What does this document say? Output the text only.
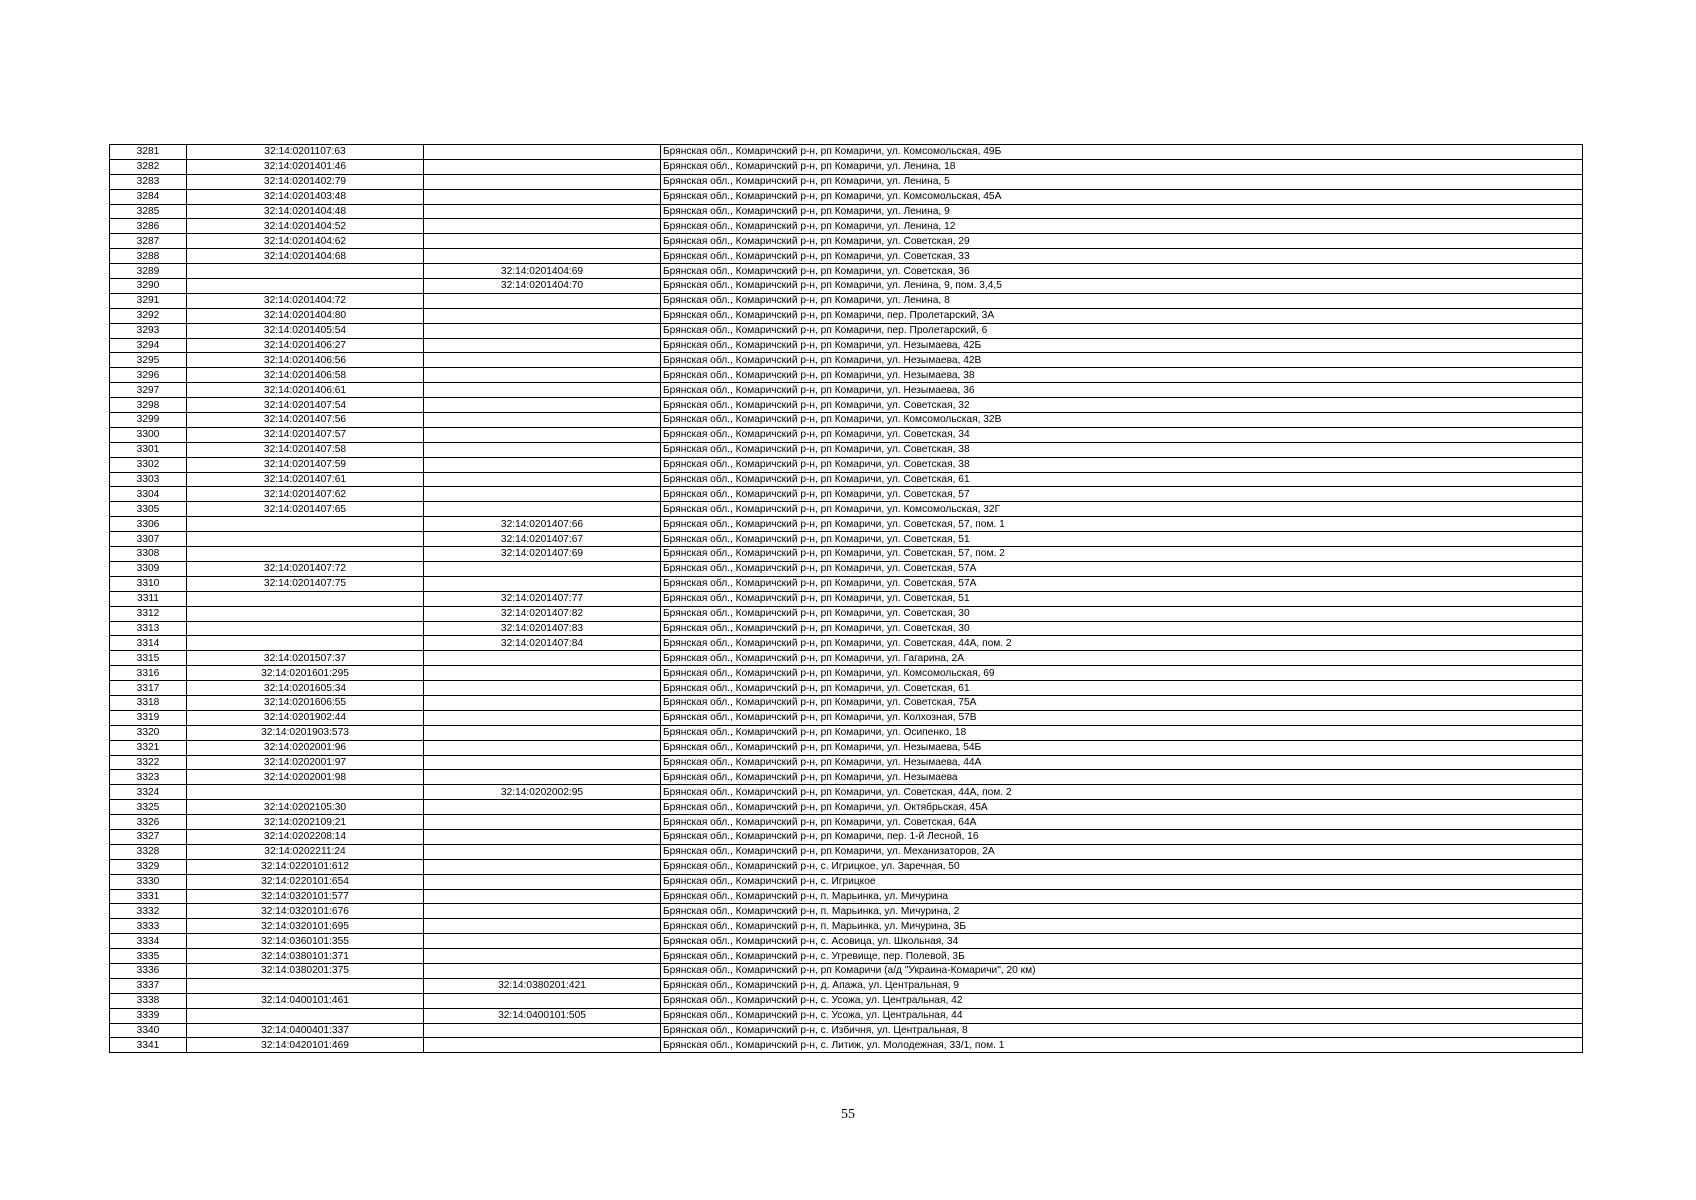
3281	32:14:0201107:63		Брянская обл., Комаричский р-н, рп Комаричи, ул. Комсомольская, 49Б
3282	32:14:0201401:46		Брянская обл., Комаричский р-н, рп Комаричи, ул. Ленина, 18
3283	32:14:0201402:79		Брянская обл., Комаричский р-н, рп Комаричи, ул. Ленина, 5
3284	32:14:0201403:48		Брянская обл., Комаричский р-н, рп Комаричи, ул. Комсомольская, 45А
3285	32:14:0201404:48		Брянская обл., Комаричский р-н, рп Комаричи, ул. Ленина, 9
3286	32:14:0201404:52		Брянская обл., Комаричский р-н, рп Комаричи, ул. Ленина, 12
3287	32:14:0201404:62		Брянская обл., Комаричский р-н, рп Комаричи, ул. Советская, 29
3288	32:14:0201404:68		Брянская обл., Комаричский р-н, рп Комаричи, ул. Советская, 33
3289		32:14:0201404:69	Брянская обл., Комаричский р-н, рп Комаричи, ул. Советская, 36
3290		32:14:0201404:70	Брянская обл., Комаричский р-н, рп Комаричи, ул. Ленина, 9, пом. 3,4,5
3291	32:14:0201404:72		Брянская обл., Комаричский р-н, рп Комаричи, ул. Ленина, 8
3292	32:14:0201404:80		Брянская обл., Комаричский р-н, рп Комаричи, пер. Пролетарский, 3А
3293	32:14:0201405:54		Брянская обл., Комаричский р-н, рп Комаричи, пер. Пролетарский, 6
3294	32:14:0201406:27		Брянская обл., Комаричский р-н, рп Комаричи, ул. Незымаева, 42Б
3295	32:14:0201406:56		Брянская обл., Комаричский р-н, рп Комаричи, ул. Незымаева, 42В
3296	32:14:0201406:58		Брянская обл., Комаричский р-н, рп Комаричи, ул. Незымаева, 38
3297	32:14:0201406:61		Брянская обл., Комаричский р-н, рп Комаричи, ул. Незымаева, 36
3298	32:14:0201407:54		Брянская обл., Комаричский р-н, рп Комаричи, ул. Советская, 32
3299	32:14:0201407:56		Брянская обл., Комаричский р-н, рп Комаричи, ул. Комсомольская, 32В
3300	32:14:0201407:57		Брянская обл., Комаричский р-н, рп Комаричи, ул. Советская, 34
3301	32:14:0201407:58		Брянская обл., Комаричский р-н, рп Комаричи, ул. Советская, 38
3302	32:14:0201407:59		Брянская обл., Комаричский р-н, рп Комаричи, ул. Советская, 38
3303	32:14:0201407:61		Брянская обл., Комаричский р-н, рп Комаричи, ул. Советская, 61
3304	32:14:0201407:62		Брянская обл., Комаричский р-н, рп Комаричи, ул. Советская, 57
3305	32:14:0201407:65		Брянская обл., Комаричский р-н, рп Комаричи, ул. Комсомольская, 32Г
3306		32:14:0201407:66	Брянская обл., Комаричский р-н, рп Комаричи, ул. Советская, 57, пом. 1
3307		32:14:0201407:67	Брянская обл., Комаричский р-н, рп Комаричи, ул. Советская, 51
3308		32:14:0201407:69	Брянская обл., Комаричский р-н, рп Комаричи, ул. Советская, 57, пом. 2
3309	32:14:0201407:72		Брянская обл., Комаричский р-н, рп Комаричи, ул. Советская, 57А
3310	32:14:0201407:75		Брянская обл., Комаричский р-н, рп Комаричи, ул. Советская, 57А
3311		32:14:0201407:77	Брянская обл., Комаричский р-н, рп Комаричи, ул. Советская, 51
3312		32:14:0201407:82	Брянская обл., Комаричский р-н, рп Комаричи, ул. Советская, 30
3313		32:14:0201407:83	Брянская обл., Комаричский р-н, рп Комаричи, ул. Советская, 30
3314		32:14:0201407:84	Брянская обл., Комаричский р-н, рп Комаричи, ул. Советская, 44А, пом. 2
3315	32:14:0201507:37		Брянская обл., Комаричский р-н, рп Комаричи, ул. Гагарина, 2А
3316	32:14:0201601:295		Брянская обл., Комаричский р-н, рп Комаричи, ул. Комсомольская, 69
3317	32:14:0201605:34		Брянская обл., Комаричский р-н, рп Комаричи, ул. Советская, 61
3318	32:14:0201606:55		Брянская обл., Комаричский р-н, рп Комаричи, ул. Советская, 75А
3319	32:14:0201902:44		Брянская обл., Комаричский р-н, рп Комаричи, ул. Колхозная, 57В
3320	32:14:0201903:573		Брянская обл., Комаричский р-н, рп Комаричи, ул. Осипенко, 18
3321	32:14:0202001:96		Брянская обл., Комаричский р-н, рп Комаричи, ул. Незымаева, 54Б
3322	32:14:0202001:97		Брянская обл., Комаричский р-н, рп Комаричи, ул. Незымаева, 44А
3323	32:14:0202001:98		Брянская обл., Комаричский р-н, рп Комаричи, ул. Незымаева
3324		32:14:0202002:95	Брянская обл., Комаричский р-н, рп Комаричи, ул. Советская, 44А, пом. 2
3325	32:14:0202105:30		Брянская обл., Комаричский р-н, рп Комаричи, ул. Октябрьская, 45А
3326	32:14:0202109:21		Брянская обл., Комаричский р-н, рп Комаричи, ул. Советская, 64А
3327	32:14:0202208:14		Брянская обл., Комаричский р-н, рп Комаричи, пер. 1-й Лесной, 16
3328	32:14:0202211:24		Брянская обл., Комаричский р-н, рп Комаричи, ул. Механизаторов, 2А
3329	32:14:0220101:612		Брянская обл., Комаричский р-н, с. Игрицкое, ул. Заречная, 50
3330	32:14:0220101:654		Брянская обл., Комаричский р-н, с. Игрицкое
3331	32:14:0320101:577		Брянская обл., Комаричский р-н, п. Марьинка, ул. Мичурина
3332	32:14:0320101:676		Брянская обл., Комаричский р-н, п. Марьинка, ул. Мичурина, 2
3333	32:14:0320101:695		Брянская обл., Комаричский р-н, п. Марьинка, ул. Мичурина, 3Б
3334	32:14:0360101:355		Брянская обл., Комаричский р-н, с. Асовица, ул. Школьная, 34
3335	32:14:0380101:371		Брянская обл., Комаричский р-н, с. Угревище, пер. Полевой, 3Б
3336	32:14:0380201:375		Брянская обл., Комаричский р-н, рп Комаричи (а/д "Украина-Комаричи", 20 км)
3337		32:14:0380201:421	Брянская обл., Комаричский р-н, д. Апажа, ул. Центральная, 9
3338	32:14:0400101:461		Брянская обл., Комаричский р-н, с. Усожа, ул. Центральная, 42
3339		32:14:0400101:505	Брянская обл., Комаричский р-н, с. Усожа, ул. Центральная, 44
3340	32:14:0400401:337		Брянская обл., Комаричский р-н, с. Избичня, ул. Центральная, 8
3341	32:14:0420101:469		Брянская обл., Комаричский р-н, с. Литиж, ул. Молодежная, 33/1, пом. 1
55
